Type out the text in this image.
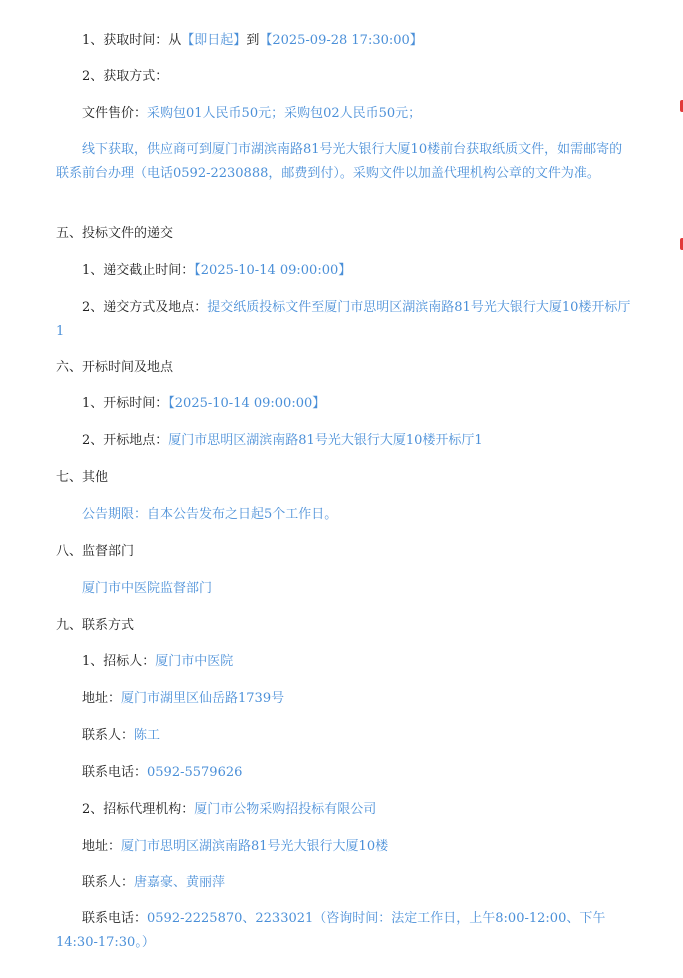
1、获取时间：从【即日起】到【2025-09-28 17:30:00】
2、获取方式：
文件售价：采购包01人民币50元；采购包02人民币50元；
线下获取，供应商可到厦门市湖滨南路81号光大银行大厦10楼前台获取纸质文件，如需邮寄的联系前台办理（电话0592-2230888，邮费到付）。采购文件以加盖代理机构公章的文件为准。
五、投标文件的递交
1、递交截止时间：【2025-10-14 09:00:00】
2、递交方式及地点：提交纸质投标文件至厦门市思明区湖滨南路81号光大银行大厦10楼开标厅1
六、开标时间及地点
1、开标时间：【2025-10-14 09:00:00】
2、开标地点：厦门市思明区湖滨南路81号光大银行大厦10楼开标厅1
七、其他
公告期限：自本公告发布之日起5个工作日。
八、监督部门
厦门市中医院监督部门
九、联系方式
1、招标人：厦门市中医院
地址：厦门市湖里区仙岳路1739号
联系人：陈工
联系电话：0592-5579626
2、招标代理机构：厦门市公物采购招投标有限公司
地址：厦门市思明区湖滨南路81号光大银行大厦10楼
联系人：唐嘉豪、黄丽萍
联系电话：0592-2225870、2233021（咨询时间：法定工作日，上午8:00-12:00、下午14:30-17:30。）
